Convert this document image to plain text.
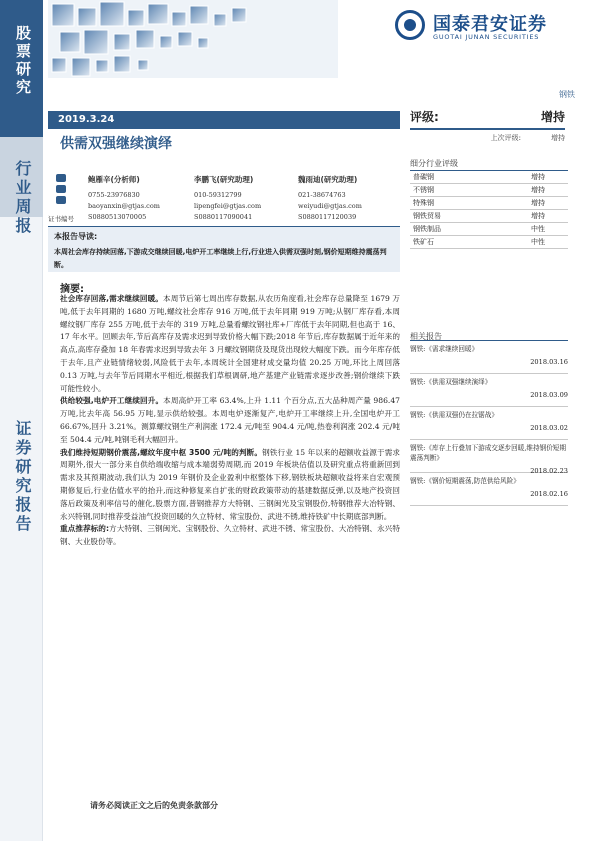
股票研究
行业周报
证券研究报告
国泰君安证券
GUOTAI JUNAN SECURITIES
钢铁
2019.3.24
供需双强继续演绎
评级:	增持
上次评级:	增持
细分行业评级
普碳钢	增持
不锈钢	增持
特殊钢	增持
钢铁贸易	增持
钢铁制品	中性
铁矿石	中性
证书编号
鲍雁辛(分析师)
0755-23976830
baoyanxin@gtjas.com
S0880513070005
李鹏飞(研究助理)
010-59312799
lipengfei@gtjas.com
S0880117090041
魏雨迪(研究助理)
021-38674763
weiyudi@gtjas.com
S0880117120039
本报告导读:
本周社会库存持续回落,下游成交继续回暖,电炉开工率继续上行,行业进入供需双强时刻,钢价短期维持震荡判断。
摘要:

社会库存回落,需求继续回暖。本周节后第七周出库存数据,从农历角度看,社会库存总量降至 1679 万吨,低于去年同期的 1680 万吨,螺纹社会库存 916 万吨,低于去年同期 919 万吨;从钢厂库存看,本周螺纹钢厂库存 255 万吨,低于去年的 319 万吨,总量看螺纹钢社库+厂库低于去年同期,但也高于 16、17 年水平。回顾去年,节后高库存及需求迟到导致价格大幅下跌;2018 年节后,库存数据属于近年来的高点,高库存叠加 18 年春需求迟到导致去年 3 月螺纹钢期货及现货出现较大幅度下跌。而今年库存低于去年,且产业链情绪较弱,风险低于去年,本周统计全国建材成交量均值 20.25 万吨,环比上周回落 0.13 万吨,与去年节后同期水平相近,根据我们草根调研,地产基建产业链需求逐步改善;钢价继续下跌可能性较小。

供给较强,电炉开工继续回升。本周高炉开工率 63.4%,上升 1.11 个百分点,五大品种周产量 986.47 万吨,比去年高 56.95 万吨,显示供给较强。本周电炉逐渐复产,电炉开工率继续上升,全国电炉开工 66.67%,回升 3.21%。测算螺纹钢生产利润涨 172.4 元/吨至 904.4 元/吨,热卷利润涨 202.4 元/吨至 504.4 元/吨,吨钢毛利大幅回升。

我们维持短期钢价震荡,螺纹年度中枢 3500 元/吨的判断。钢铁行业 15 年以来的超额收益源于需求周期外,很大一部分来自供给端收缩与成本端弱势周期,而 2019 年板块估值以及研究重点将重新回到需求及其预期波动,我们认为 2019 年钢价及企业盈利中枢整体下移,钢铁板块超额收益将来自宏观预期修复后,行业估值水平的抬升,而这种修复来自扩张的财政政策带动的基建数据反弹,以及地产投资回落后政策及利率信号的催化,股票方面,普钢推荐方大特钢、三钢闽光及宝钢股份,特钢推荐大冶特钢、永兴特钢,同时推荐受益油气投资回暖的久立特材、常宝股份、武进不锈,维持铁矿中长期底部判断。

重点推荐标的:方大特钢、三钢闽光、宝钢股份、久立特材、武进不锈、常宝股份、大冶特钢、永兴特钢、大业股份等。

相关报告
钢铁:《需求继续回暖》
2018.03.16
钢铁:《供需双强继续演绎》
2018.03.09
钢铁:《供需双强仍在拉锯战》
2018.03.02
钢铁:《库存上行叠加下游成交逐步回暖,维持钢价短期震荡判断》
2018.02.23
钢铁:《钢价短期震荡,防范供给风险》
2018.02.16
请务必阅读正文之后的免责条款部分
